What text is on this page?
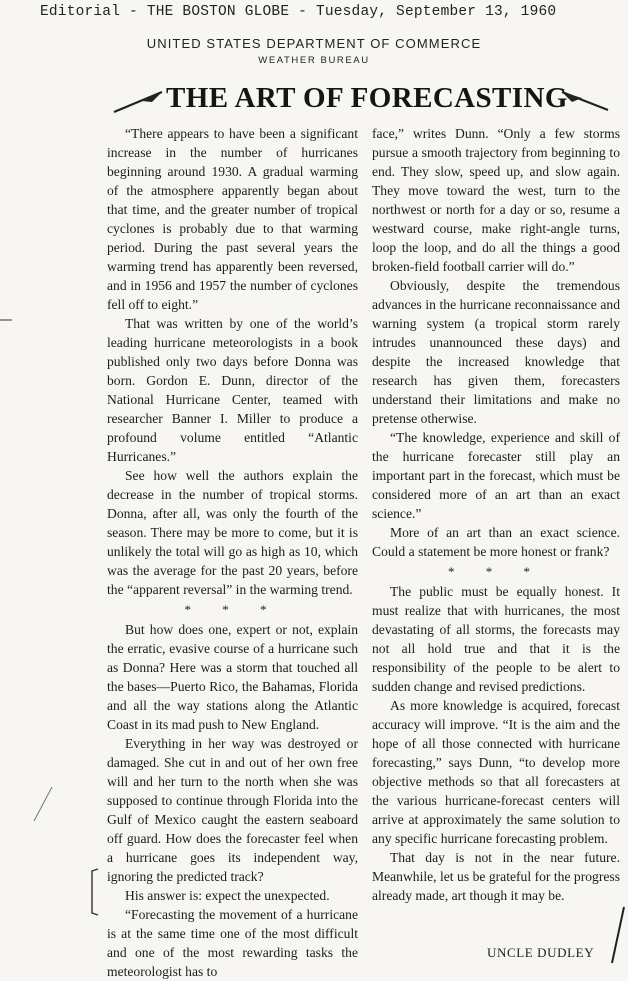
Editorial - THE BOSTON GLOBE - Tuesday, September 13, 1960
UNITED STATES DEPARTMENT OF COMMERCE
WEATHER BUREAU
THE ART OF FORECASTING

“There appears to have been a significant increase in the number of hurricanes beginning around 1930. A gradual warming of the atmosphere apparently began about that time, and the greater number of tropical cyclones is probably due to that warming period. During the past several years the warming trend has apparently been reversed, and in 1956 and 1957 the number of cyclones fell off to eight.”

That was written by one of the world’s leading hurricane meteorologists in a book published only two days before Donna was born. Gordon E. Dunn, director of the National Hurricane Center, teamed with researcher Banner I. Miller to produce a profound volume entitled “Atlantic Hurricanes.”

See how well the authors explain the decrease in the number of tropical storms. Donna, after all, was only the fourth of the season. There may be more to come, but it is unlikely the total will go as high as 10, which was the average for the past 20 years, before the “apparent reversal” in the warming trend.

* * *

But how does one, expert or not, explain the erratic, evasive course of a hurricane such as Donna? Here was a storm that touched all the bases—Puerto Rico, the Bahamas, Florida and all the way stations along the Atlantic Coast in its mad push to New England.

Everything in her way was destroyed or damaged. She cut in and out of her own free will and her turn to the north when she was supposed to continue through Florida into the Gulf of Mexico caught the eastern seaboard off guard. How does the forecaster feel when a hurricane goes its independent way, ignoring the predicted track?

His answer is: expect the unexpected.

“Forecasting the movement of a hurricane is at the same time one of the most difficult and one of the most rewarding tasks the meteorologist has to

face,” writes Dunn. “Only a few storms pursue a smooth trajectory from beginning to end. They slow, speed up, and slow again. They move toward the west, turn to the northwest or north for a day or so, resume a westward course, make right-angle turns, loop the loop, and do all the things a good broken-field football carrier will do.”

Obviously, despite the tremendous advances in the hurricane reconnaissance and warning system (a tropical storm rarely intrudes unannounced these days) and despite the increased knowledge that research has given them, forecasters understand their limitations and make no pretense otherwise.

“The knowledge, experience and skill of the hurricane forecaster still play an important part in the forecast, which must be considered more of an art than an exact science.”

More of an art than an exact science. Could a statement be more honest or frank?

* * *

The public must be equally honest. It must realize that with hurricanes, the most devastating of all storms, the forecasts may not all hold true and that it is the responsibility of the people to be alert to sudden change and revised predictions.

As more knowledge is acquired, forecast accuracy will improve. “It is the aim and the hope of all those connected with hurricane forecasting,” says Dunn, “to develop more objective methods so that all forecasters at the various hurricane-forecast centers will arrive at approximately the same solution to any specific hurricane forecasting problem.

That day is not in the near future. Meanwhile, let us be grateful for the progress already made, art though it may be.

UNCLE DUDLEY
